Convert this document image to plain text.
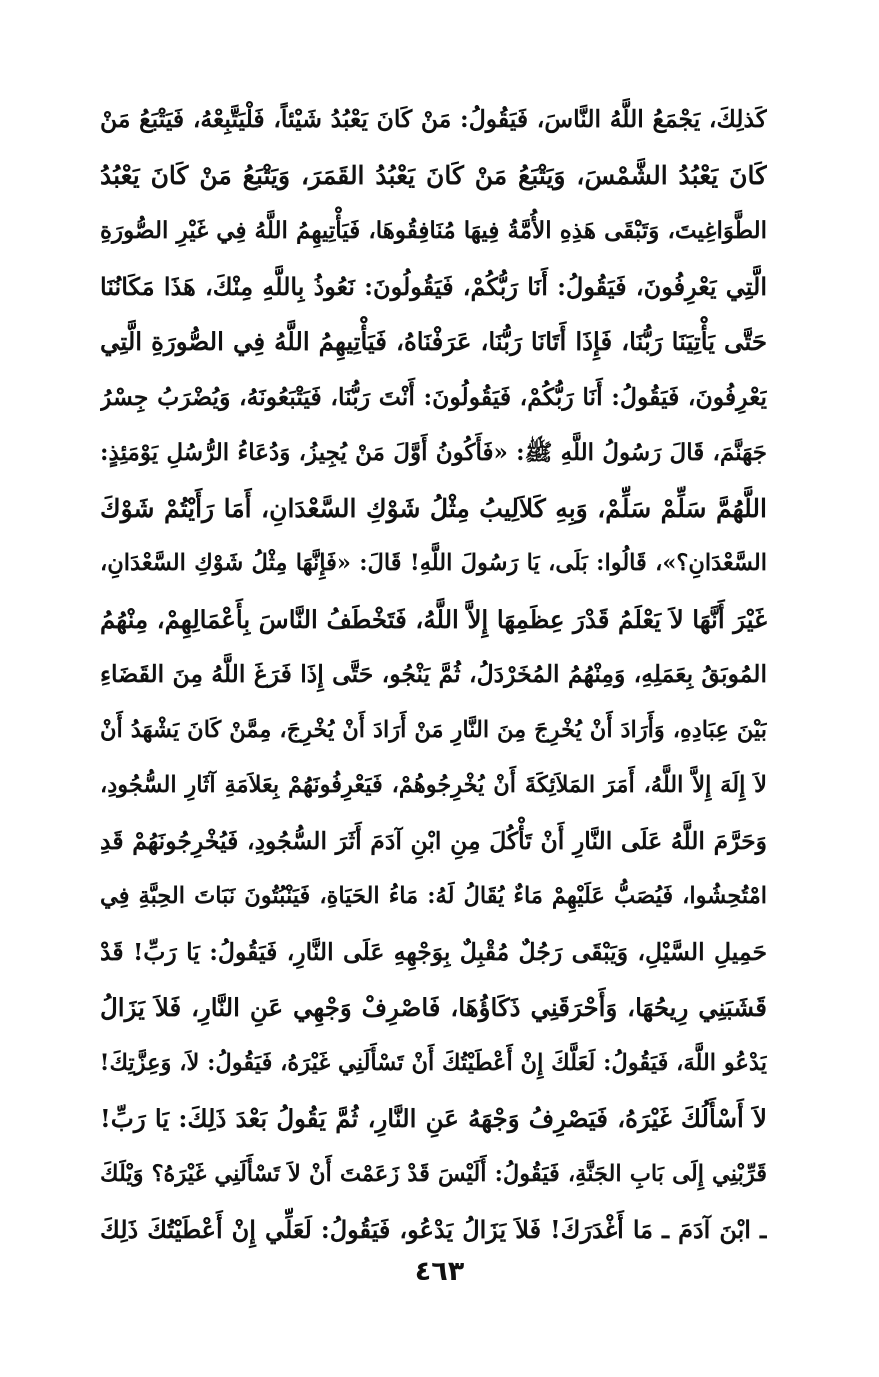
كَذلِكَ، يَجْمَعُ اللَّهُ النَّاسَ، فَيَقُولُ: مَنْ كَانَ يَعْبُدُ شَيْئاً، فَلْيَتَّبِعْهُ، فَيَتْبَعُ مَنْ
كَانَ يَعْبُدُ الشَّمْسَ، وَيَتْبَعُ مَنْ كَانَ يَعْبُدُ القَمَرَ، وَيَتْبَعُ مَنْ كَانَ يَعْبُدُ
الطَّوَاغِيتَ، وَتَبْقَى هَذِهِ الأُمَّةُ فِيهَا مُنَافِقُوهَا، فَيَأْتِيهِمُ اللَّهُ فِي غَيْرِ الصُّورَةِ
الَّتِي يَعْرِفُونَ، فَيَقُولُ: أَنَا رَبُّكُمْ، فَيَقُولُونَ: نَعُوذُ بِاللَّهِ مِنْكَ، هَذَا مَكَانُنَا
حَتَّى يَأْتِيَنَا رَبُّنَا، فَإِذَا أَتَانَا رَبُّنَا، عَرَفْنَاهُ، فَيَأْتِيهِمُ اللَّهُ فِي الصُّورَةِ الَّتِي
يَعْرِفُونَ، فَيَقُولُ: أَنَا رَبُّكُمْ، فَيَقُولُونَ: أَنْتَ رَبُّنَا، فَيَتْبَعُونَهُ، وَيُضْرَبُ جِسْرُ
جَهَنَّمَ، قَالَ رَسُولُ اللَّهِ ﷺ: «فَأَكُونُ أَوَّلَ مَنْ يُجِيزُ، وَدُعَاءُ الرُّسُلِ يَوْمَئِذٍ:
اللَّهُمَّ سَلِّمْ سَلِّمْ، وَبِهِ كَلاَلِيبُ مِثْلُ شَوْكِ السَّعْدَانِ، أَمَا رَأَيْتُمْ شَوْكَ
السَّعْدَانِ؟»، قَالُوا: بَلَى، يَا رَسُولَ اللَّهِ! قَالَ: «فَإِنَّهَا مِثْلُ شَوْكِ السَّعْدَانِ،
غَيْرَ أَنَّهَا لاَ يَعْلَمُ قَدْرَ عِظَمِهَا إِلاَّ اللَّهُ، فَتَخْطَفُ النَّاسَ بِأَعْمَالِهِمْ، مِنْهُمُ
المُوبَقُ بِعَمَلِهِ، وَمِنْهُمُ المُخَرْدَلُ، ثُمَّ يَنْجُو، حَتَّى إِذَا فَرَغَ اللَّهُ مِنَ القَضَاءِ
بَيْنَ عِبَادِهِ، وَأَرَادَ أَنْ يُخْرِجَ مِنَ النَّارِ مَنْ أَرَادَ أَنْ يُخْرِجَ، مِمَّنْ كَانَ يَشْهَدُ أَنْ
لاَ إِلَهَ إِلاَّ اللَّهُ، أَمَرَ المَلاَئِكَةَ أَنْ يُخْرِجُوهُمْ، فَيَعْرِفُونَهُمْ بِعَلاَمَةِ آثَارِ السُّجُودِ،
وَحَرَّمَ اللَّهُ عَلَى النَّارِ أَنْ تَأْكُلَ مِنِ ابْنِ آدَمَ أَثَرَ السُّجُودِ، فَيُخْرِجُونَهُمْ قَدِ
امْتُحِشُوا، فَيُصَبُّ عَلَيْهِمْ مَاءٌ يُقَالُ لَهُ: مَاءُ الحَيَاةِ، فَيَنْبُتُونَ نَبَاتَ الحِبَّةِ فِي
حَمِيلِ السَّيْلِ، وَيَبْقَى رَجُلٌ مُقْبِلٌ بِوَجْهِهِ عَلَى النَّارِ، فَيَقُولُ: يَا رَبِّ! قَدْ
قَشَبَنِي رِيحُهَا، وَأَحْرَقَنِي ذَكَاؤُهَا، فَاصْرِفْ وَجْهِي عَنِ النَّارِ، فَلاَ يَزَالُ
يَدْعُو اللَّهَ، فَيَقُولُ: لَعَلَّكَ إِنْ أَعْطَيْتُكَ أَنْ تَسْأَلَنِي غَيْرَهُ، فَيَقُولُ: لاَ، وَعِزَّتِكَ!
لاَ أَسْأَلُكَ غَيْرَهُ، فَيَصْرِفُ وَجْهَهُ عَنِ النَّارِ، ثُمَّ يَقُولُ بَعْدَ ذَلِكَ: يَا رَبِّ!
قَرِّبْنِي إِلَى بَابِ الجَنَّةِ، فَيَقُولُ: أَلَيْسَ قَدْ زَعَمْتَ أَنْ لاَ تَسْأَلَنِي غَيْرَهُ؟ وَيْلَكَ
ـ ابْنَ آدَمَ ـ مَا أَغْدَرَكَ! فَلاَ يَزَالُ يَدْعُو، فَيَقُولُ: لَعَلِّي إِنْ أَعْطَيْتُكَ ذَلِكَ
٤٦٣
